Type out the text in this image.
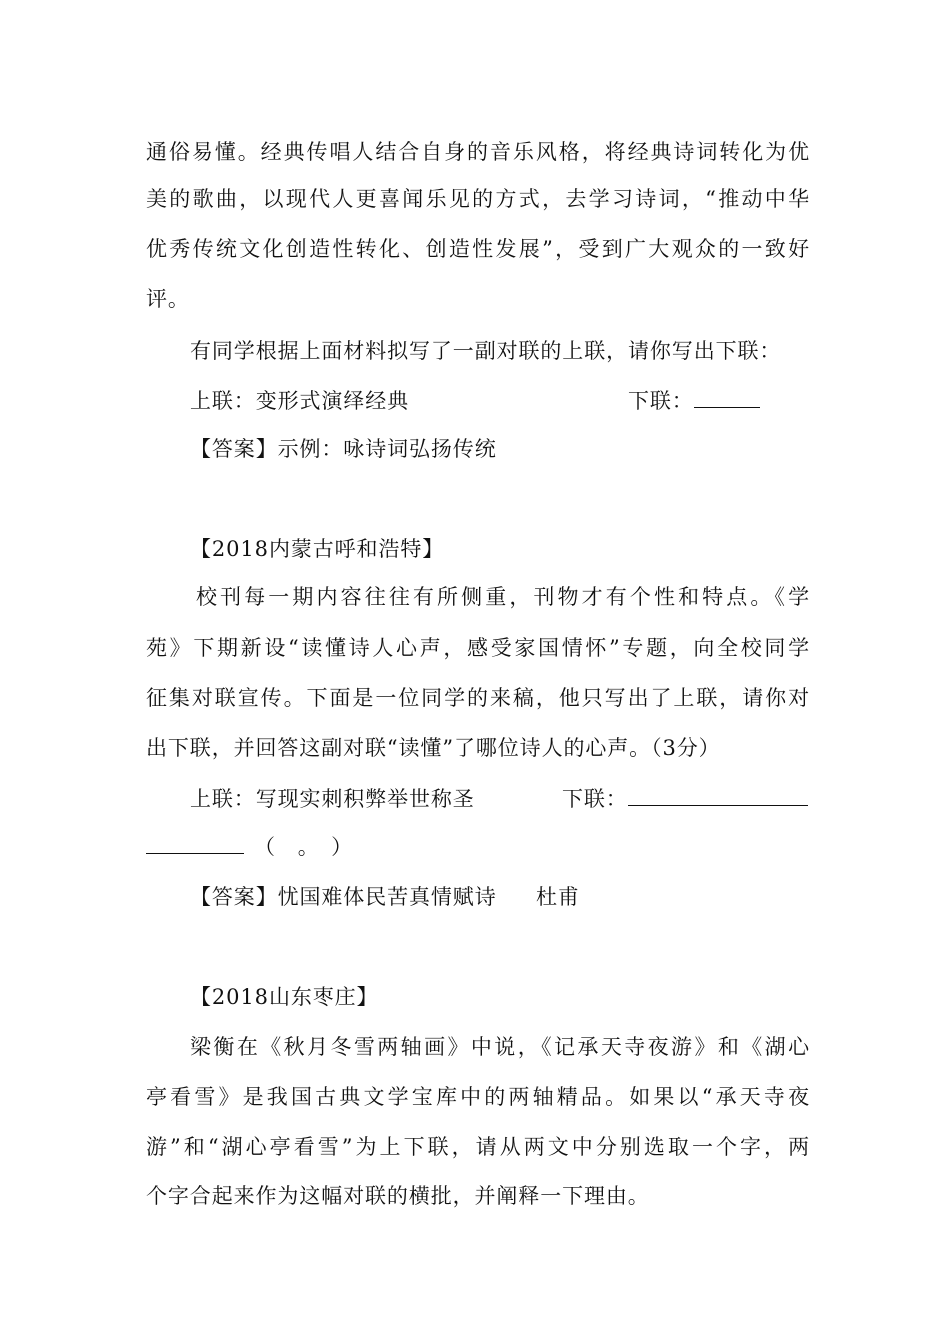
通俗易懂。经典传唱人结合自身的音乐风格，将经典诗词转化为优
美的歌曲，以现代人更喜闻乐见的方式，去学习诗词，“推动中华
优秀传统文化创造性转化、创造性发展”，受到广大观众的一致好
评。
有同学根据上面材料拟写了一副对联的上联，请你写出下联：
上联：变形式演绎经典	下联：
【答案】示例：咏诗词弘扬传统
【2018内蒙古呼和浩特】
校刊每一期内容往往有所侧重，刊物才有个性和特点。《学
苑》下期新设“读懂诗人心声，感受家国情怀”专题，向全校同学
征集对联宣传。下面是一位同学的来稿，他只写出了上联，请你对
出下联，并回答这副对联“读懂”了哪位诗人的心声。（3分）
上联：写现实刺积弊举世称圣	下联：
（　。　）
【答案】忧国难体民苦真情赋诗 杜甫
【2018山东枣庄】
梁衡在《秋月冬雪两轴画》中说，《记承天寺夜游》和《湖心
亭看雪》是我国古典文学宝库中的两轴精品。如果以“承天寺夜
游”和“湖心亭看雪”为上下联，请从两文中分别选取一个字，两
个字合起来作为这幅对联的横批，并阐释一下理由。
